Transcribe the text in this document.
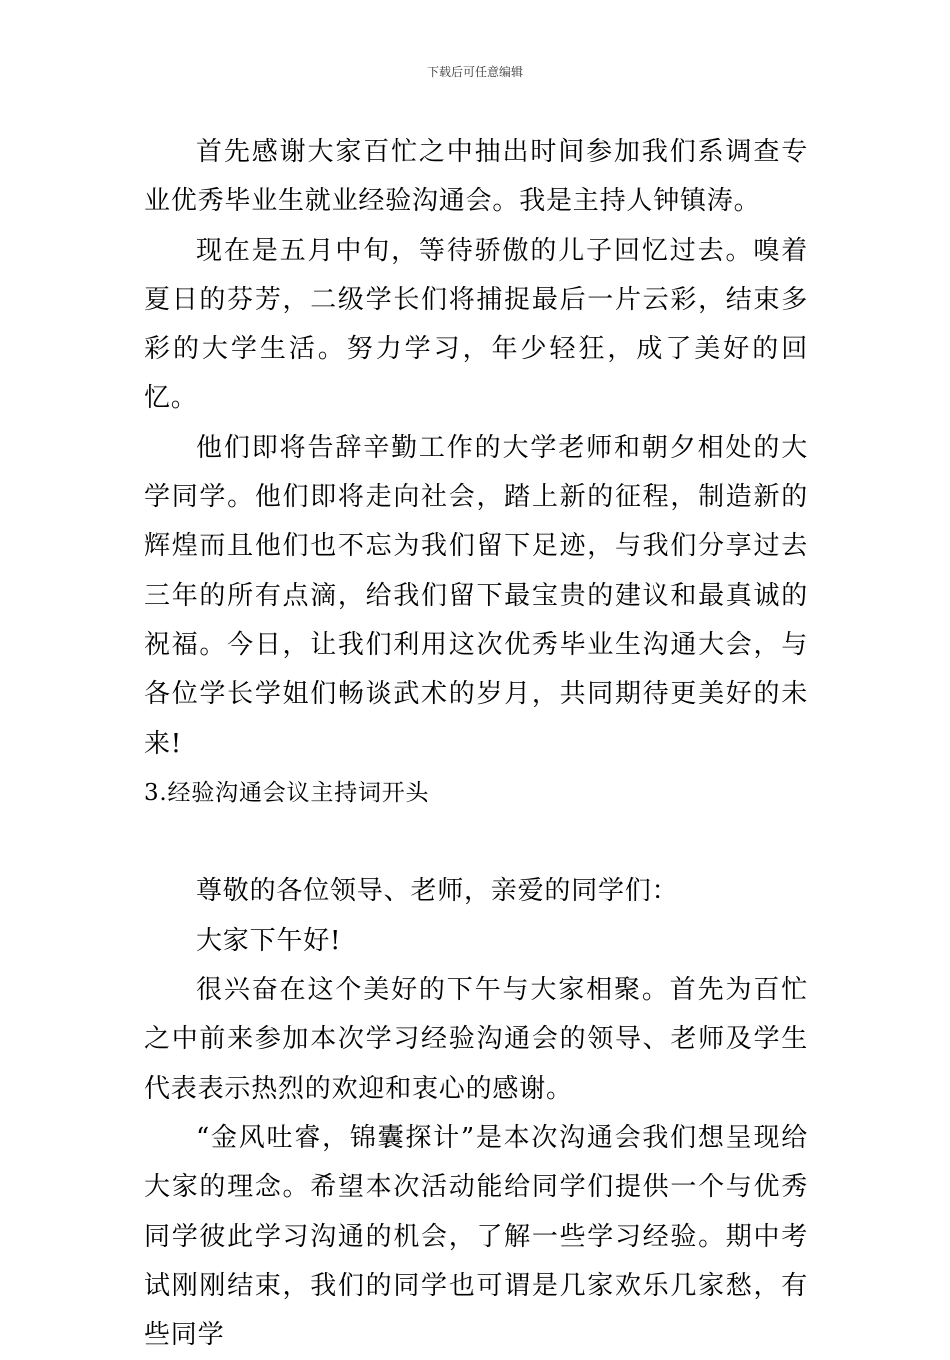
下载后可任意编辑

首先感谢大家百忙之中抽出时间参加我们系调查专业优秀毕业生就业经验沟通会。我是主持人钟镇涛。

现在是五月中旬，等待骄傲的儿子回忆过去。嗅着夏日的芬芳，二级学长们将捕捉最后一片云彩，结束多彩的大学生活。努力学习，年少轻狂，成了美好的回忆。

他们即将告辞辛勤工作的大学老师和朝夕相处的大学同学。他们即将走向社会，踏上新的征程，制造新的辉煌而且他们也不忘为我们留下足迹，与我们分享过去三年的所有点滴，给我们留下最宝贵的建议和最真诚的祝福。今日，让我们利用这次优秀毕业生沟通大会，与各位学长学姐们畅谈武术的岁月，共同期待更美好的未来!

3.经验沟通会议主持词开头

尊敬的各位领导、老师，亲爱的同学们：

大家下午好!

很兴奋在这个美好的下午与大家相聚。首先为百忙之中前来参加本次学习经验沟通会的领导、老师及学生代表表示热烈的欢迎和衷心的感谢。

“金风吐睿，锦囊探计”是本次沟通会我们想呈现给大家的理念。希望本次活动能给同学们提供一个与优秀同学彼此学习沟通的机会，了解一些学习经验。期中考试刚刚结束，我们的同学也可谓是几家欢乐几家愁，有些同学
